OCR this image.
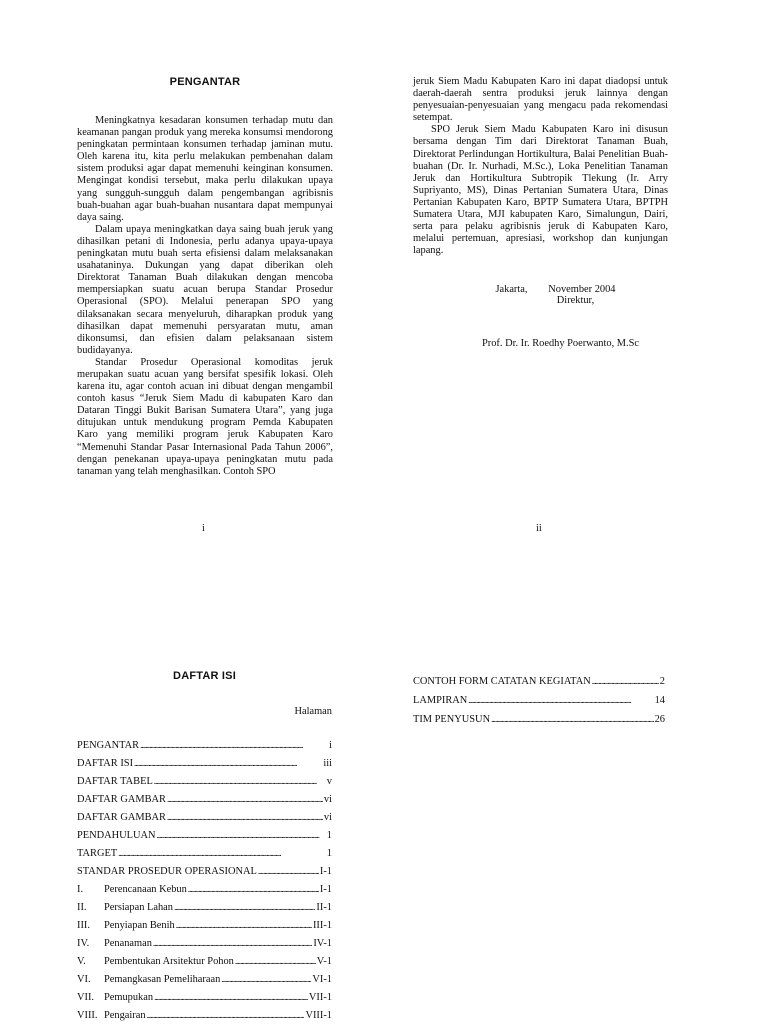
PENGANTAR

Meningkatnya kesadaran konsumen terhadap mutu dan keamanan pangan produk yang mereka konsumsi mendorong peningkatan permintaan konsumen terhadap jaminan mutu. Oleh karena itu, kita perlu melakukan pembenahan dalam sistem produksi agar dapat memenuhi keinginan konsumen. Mengingat kondisi tersebut, maka perlu dilakukan upaya yang sungguh-sungguh dalam pengembangan agribisnis buah-buahan agar buah-buahan nusantara dapat mempunyai daya saing.

Dalam upaya meningkatkan daya saing buah jeruk yang dihasilkan petani di Indonesia, perlu adanya upaya-upaya peningkatan mutu buah serta efisiensi dalam melaksanakan usahataninya. Dukungan yang dapat diberikan oleh Direktorat Tanaman Buah dilakukan dengan mencoba mempersiapkan suatu acuan berupa Standar Prosedur Operasional (SPO). Melalui penerapan SPO yang dilaksanakan secara menyeluruh, diharapkan produk yang dihasilkan dapat memenuhi persyaratan mutu, aman dikonsumsi, dan efisien dalam pelaksanaan sistem budidayanya.

Standar Prosedur Operasional komoditas jeruk merupakan suatu acuan yang bersifat spesifik lokasi. Oleh karena itu, agar contoh acuan ini dibuat dengan mengambil contoh kasus “Jeruk Siem Madu di kabupaten Karo dan Dataran Tinggi Bukit Barisan Sumatera Utara”, yang juga ditujukan untuk mendukung program Pemda Kabupaten Karo yang memiliki program jeruk Kabupaten Karo “Memenuhi Standar Pasar Internasional Pada Tahun 2006”, dengan penekanan upaya-upaya peningkatan mutu pada tanaman yang telah menghasilkan. Contoh SPO

i

jeruk Siem Madu Kabupaten Karo ini dapat diadopsi untuk daerah-daerah sentra produksi jeruk lainnya dengan penyesuaian-penyesuaian yang mengacu pada rekomendasi setempat.

SPO Jeruk Siem Madu Kabupaten Karo ini disusun bersama dengan Tim dari Direktorat Tanaman Buah, Direktorat Perlindungan Hortikultura, Balai Penelitian Buah-buahan (Dr. Ir. Nurhadi, M.Sc.), Loka Penelitian Tanaman Jeruk dan Hortikultura Subtropik Tlekung (Ir. Arry Supriyanto, MS), Dinas Pertanian Sumatera Utara, Dinas Pertanian Kabupaten Karo, BPTP Sumatera Utara, BPTPH Sumatera Utara, MJI kabupaten Karo, Simalungun, Dairi, serta para pelaku agribisnis jeruk di Kabupaten Karo, melalui pertemuan, apresiasi, workshop dan kunjungan lapang.

Jakarta,        November 2004
Direktur,
Prof. Dr. Ir. Roedhy Poerwanto, M.Sc
ii
DAFTAR ISI
Halaman
PENGANTAR . . .	i
DAFTAR ISI . . .	iii
DAFTAR TABEL . . .	v
DAFTAR GAMBAR . . .	vi
DAFTAR GAMBAR . . .	vi
PENDAHULUAN . . .	1
TARGET . . .	1
STANDAR PROSEDUR OPERASIONAL . . .	I-1
I.	Perencanaan Kebun . . .	I-1
II.	Persiapan Lahan . . .	II-1
III.	Penyiapan Benih . . .	III-1
IV.	Penanaman . . .	IV-1
V.	Pembentukan Arsitektur Pohon . . .	V-1
VI.	Pemangkasan Pemeliharaan . . .	VI-1
VII. Pemupukan . . .	VII-1
VIII. Pengairan . . .	VIII-1
CONTOH FORM CATATAN KEGIATAN . . .	2
LAMPIRAN . . .	14
TIM PENYUSUN . . .	26
